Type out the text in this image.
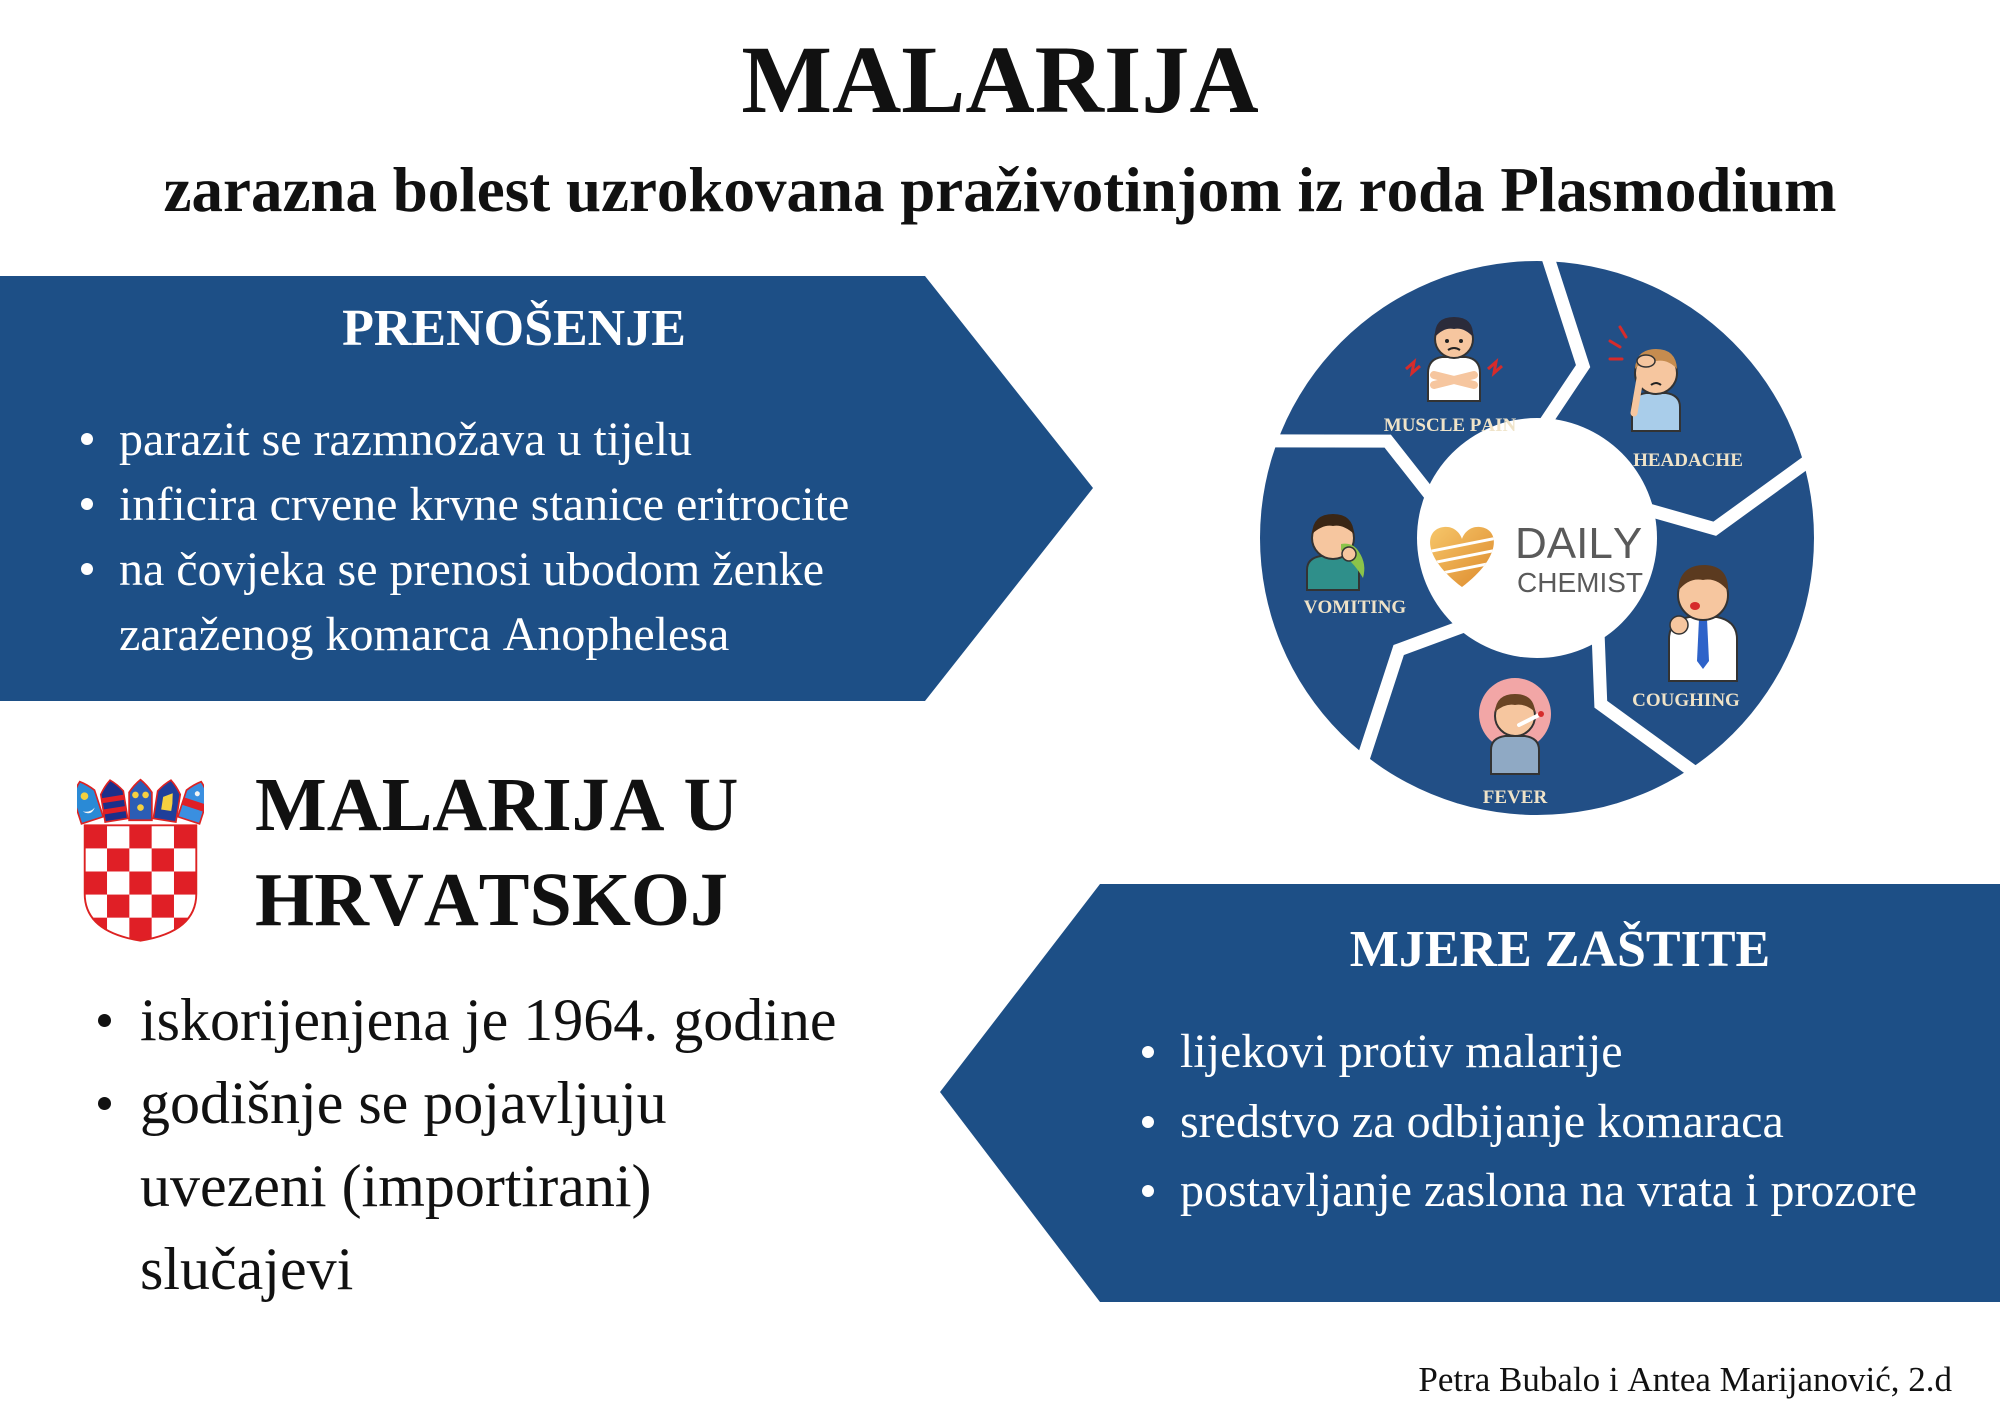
MALARIJA
zarazna bolest uzrokovana praživotinjom iz roda Plasmodium
PRENOŠENJE
parazit se razmnožava u tijelu
inficira crvene krvne stanice eritrocite
na čovjeka se prenosi ubodom ženke zaraženog komarca Anophelesa
MUSCLE PAIN
HEADACHE
COUGHING
FEVER
VOMITING
DAILY
CHEMIST
MALARIJA U HRVATSKOJ
iskorijenjena je 1964. godine
godišnje se pojavljuju uvezeni (importirani) slučajevi
MJERE ZAŠTITE
lijekovi protiv malarije
sredstvo za odbijanje komaraca
postavljanje zaslona na vrata i prozore
Petra Bubalo i Antea Marijanović, 2.d
